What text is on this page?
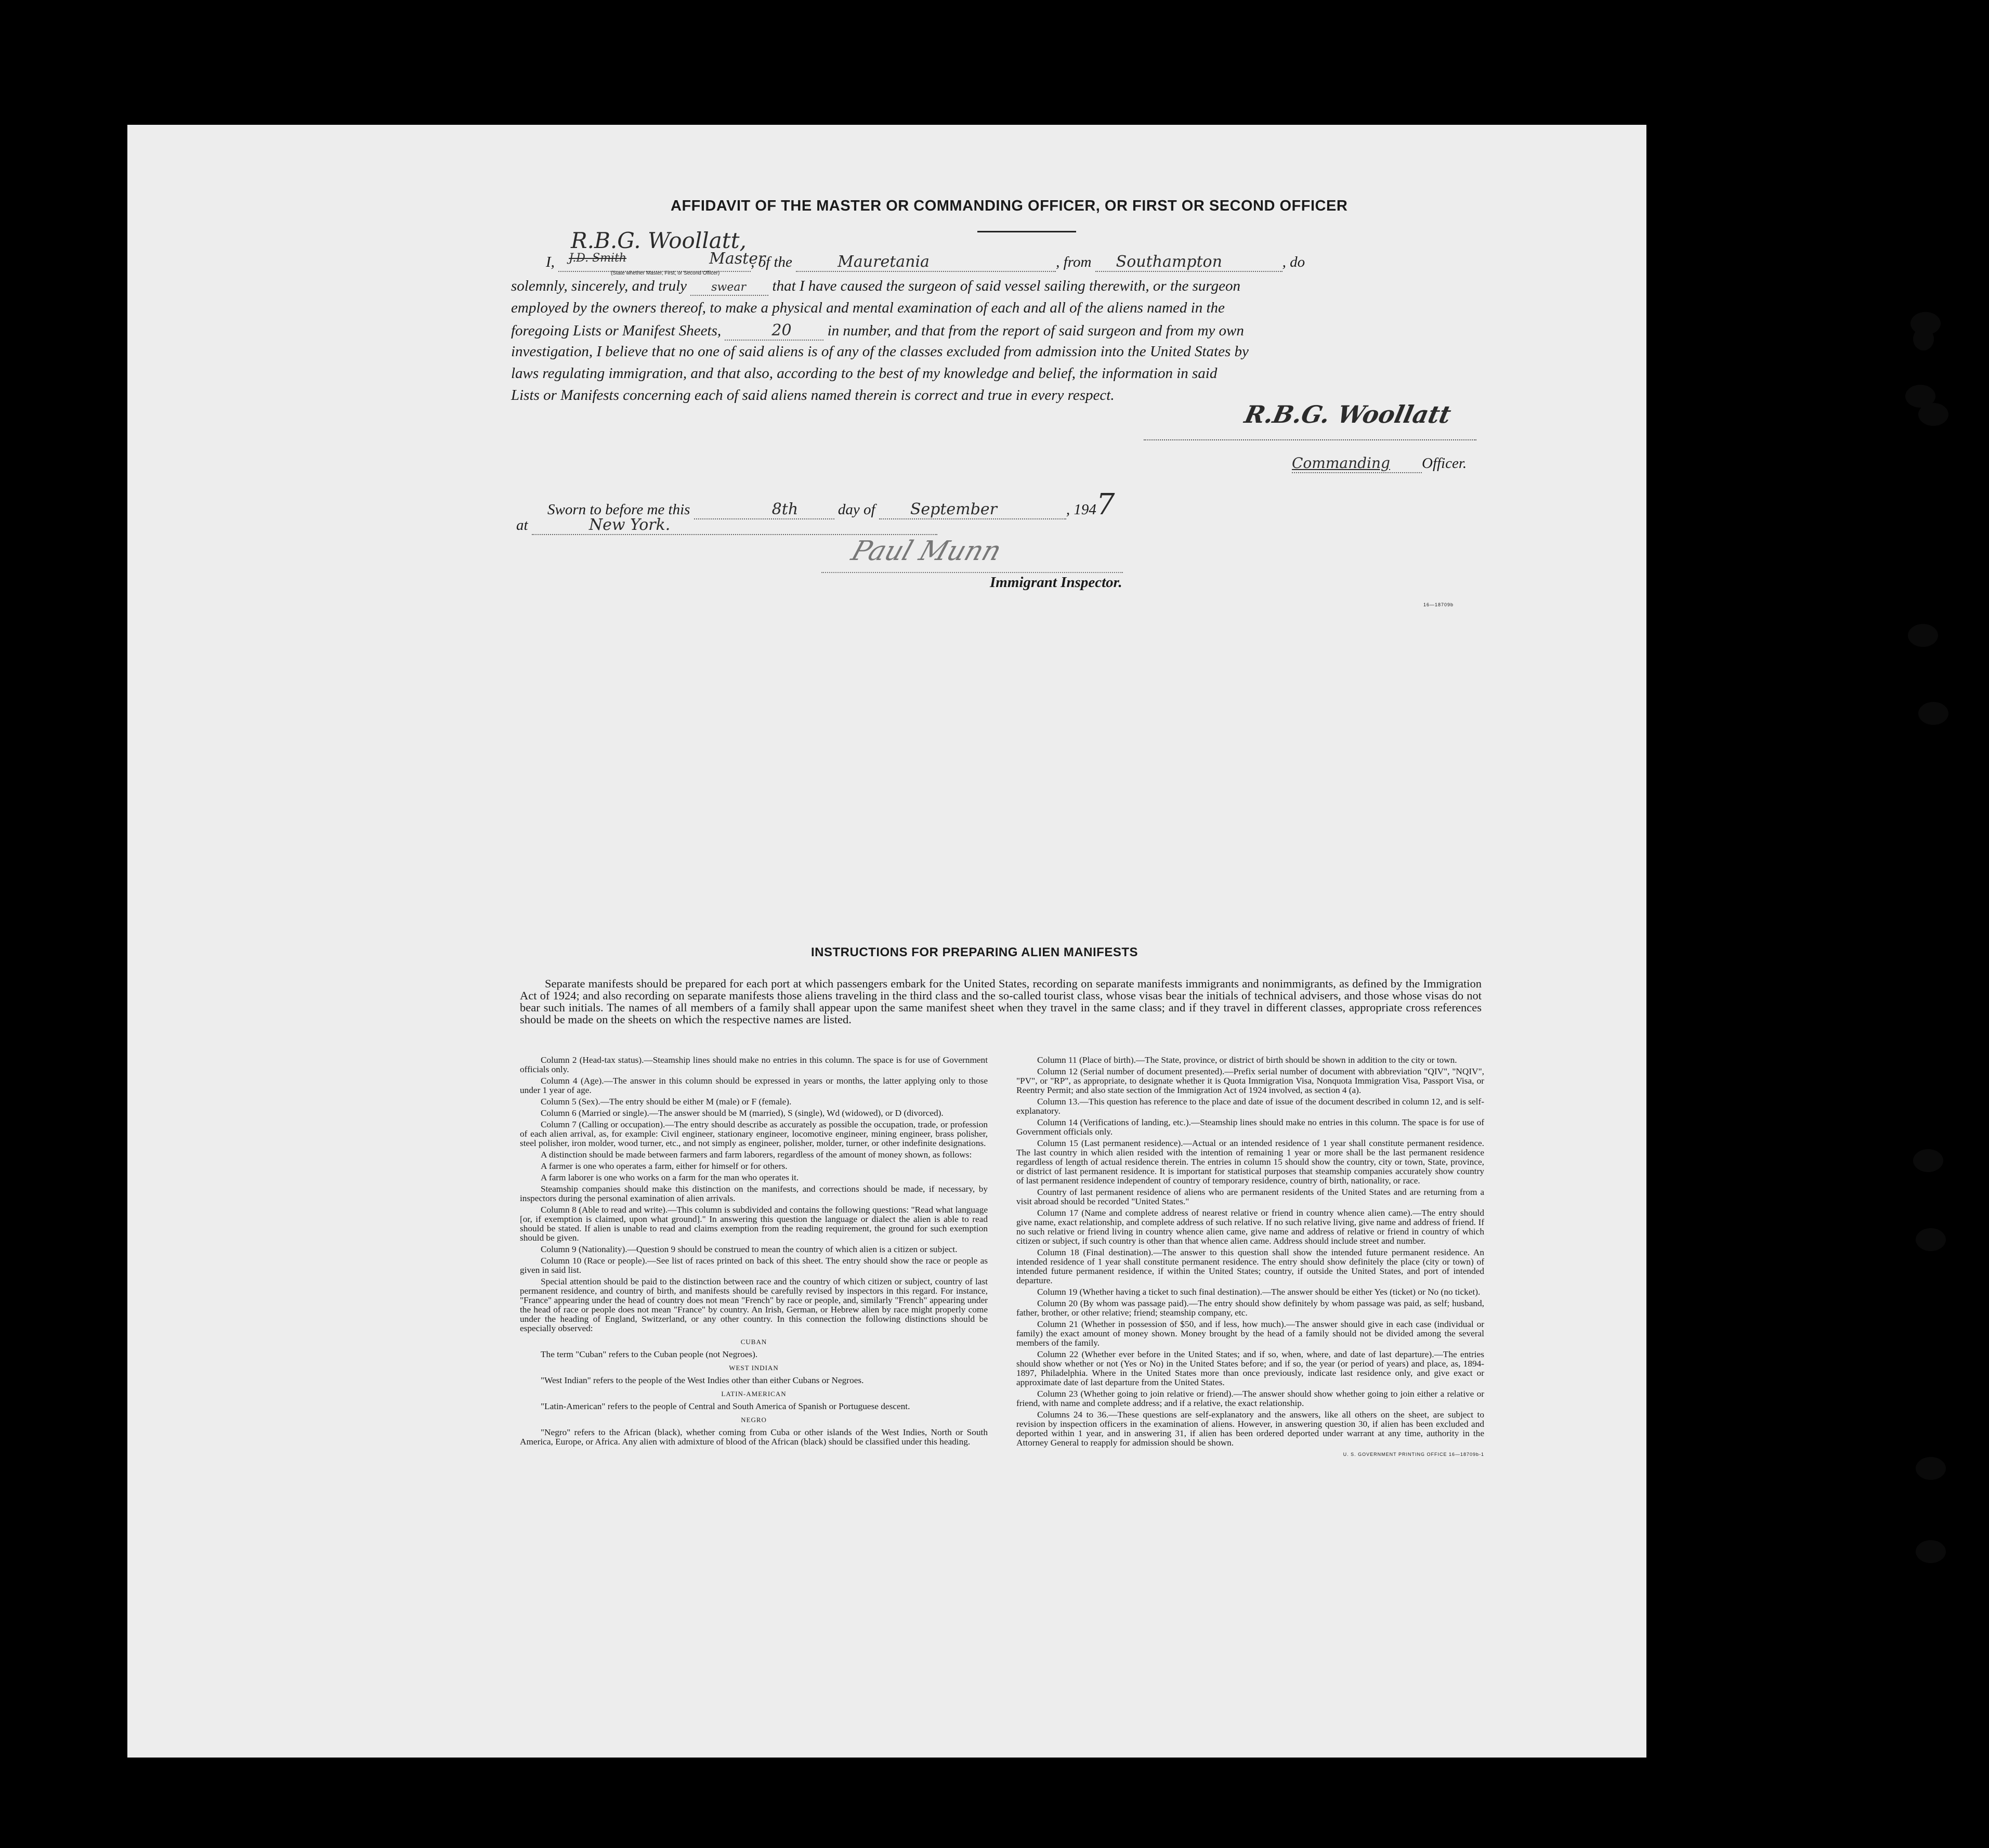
AFFIDAVIT OF THE MASTER OR COMMANDING OFFICER, OR FIRST OR SECOND OFFICER
R.B.G. Woollatt,
I, J.D. Smith	Master
, of the	Mauretania	, from Southampton	, do
(State whether Master, First, or Second Officer)
solemnly, sincerely, and truly swear that I have caused the surgeon of said vessel sailing therewith, or the surgeon
employed by the owners thereof, to make a physical and mental examination of each and all of the aliens named in the
foregoing Lists or Manifest Sheets,	20 in number, and that from the report of said surgeon and from my own
investigation, I believe that no one of said aliens is of any of the classes excluded from admission into the United States by
laws regulating immigration, and that also, according to the best of my knowledge and belief, the information in said
Lists or Manifests concerning each of said aliens named therein is correct and true in every respect.
R.B.G. Woollatt
Commanding Officer.
Sworn to before me this	8th	day of September	, 1947
at	New York.
Paul Munn
Immigrant Inspector.
16—18709b
INSTRUCTIONS FOR PREPARING ALIEN MANIFESTS
Separate manifests should be prepared for each port at which passengers embark for the United States, recording on separate manifests immigrants and nonimmigrants, as defined by the Immigration Act of 1924; and also recording on separate manifests those aliens traveling in the third class and the so-called tourist class, whose visas bear the initials of technical advisers, and those whose visas do not bear such initials. The names of all members of a family shall appear upon the same manifest sheet when they travel in the same class; and if they travel in different classes, appropriate cross references should be made on the sheets on which the respective names are listed.

Column 2 (Head-tax status).—Steamship lines should make no entries in this column. The space is for use of Government officials only.

Column 4 (Age).—The answer in this column should be expressed in years or months, the latter applying only to those under 1 year of age.

Column 5 (Sex).—The entry should be either M (male) or F (female).

Column 6 (Married or single).—The answer should be M (married), S (single), Wd (widowed), or D (divorced).

Column 7 (Calling or occupation).—The entry should describe as accurately as possible the occupation, trade, or profession of each alien arrival, as, for example: Civil engineer, stationary engineer, locomotive engineer, mining engineer, brass polisher, steel polisher, iron molder, wood turner, etc., and not simply as engineer, polisher, molder, turner, or other indefinite designations.

A distinction should be made between farmers and farm laborers, regardless of the amount of money shown, as follows:

A farmer is one who operates a farm, either for himself or for others.

A farm laborer is one who works on a farm for the man who operates it.

Steamship companies should make this distinction on the manifests, and corrections should be made, if necessary, by inspectors during the personal examination of alien arrivals.

Column 8 (Able to read and write).—This column is subdivided and contains the following questions: "Read what language [or, if exemption is claimed, upon what ground]." In answering this question the language or dialect the alien is able to read should be stated. If alien is unable to read and claims exemption from the reading requirement, the ground for such exemption should be given.

Column 9 (Nationality).—Question 9 should be construed to mean the country of which alien is a citizen or subject.

Column 10 (Race or people).—See list of races printed on back of this sheet. The entry should show the race or people as given in said list.

Special attention should be paid to the distinction between race and the country of which citizen or subject, country of last permanent residence, and country of birth, and manifests should be carefully revised by inspectors in this regard. For instance, "France" appearing under the head of country does not mean "French" by race or people, and, similarly "French" appearing under the head of race or people does not mean "France" by country. An Irish, German, or Hebrew alien by race might properly come under the heading of England, Switzerland, or any other country. In this connection the following distinctions should be especially observed:

CUBAN

The term "Cuban" refers to the Cuban people (not Negroes).

WEST INDIAN

"West Indian" refers to the people of the West Indies other than either Cubans or Negroes.

LATIN-AMERICAN

"Latin-American" refers to the people of Central and South America of Spanish or Portuguese descent.

NEGRO

"Negro" refers to the African (black), whether coming from Cuba or other islands of the West Indies, North or South America, Europe, or Africa. Any alien with admixture of blood of the African (black) should be classified under this heading.

Column 11 (Place of birth).—The State, province, or district of birth should be shown in addition to the city or town.

Column 12 (Serial number of document presented).—Prefix serial number of document with abbreviation "QIV", "NQIV", "PV", or "RP", as appropriate, to designate whether it is Quota Immigration Visa, Nonquota Immigration Visa, Passport Visa, or Reentry Permit; and also state section of the Immigration Act of 1924 involved, as section 4 (a).

Column 13.—This question has reference to the place and date of issue of the document described in column 12, and is self-explanatory.

Column 14 (Verifications of landing, etc.).—Steamship lines should make no entries in this column. The space is for use of Government officials only.

Column 15 (Last permanent residence).—Actual or an intended residence of 1 year shall constitute permanent residence. The last country in which alien resided with the intention of remaining 1 year or more shall be the last permanent residence regardless of length of actual residence therein. The entries in column 15 should show the country, city or town, State, province, or district of last permanent residence. It is important for statistical purposes that steamship companies accurately show country of last permanent residence independent of country of temporary residence, country of birth, nationality, or race.

Country of last permanent residence of aliens who are permanent residents of the United States and are returning from a visit abroad should be recorded "United States."

Column 17 (Name and complete address of nearest relative or friend in country whence alien came).—The entry should give name, exact relationship, and complete address of such relative. If no such relative living, give name and address of friend. If no such relative or friend living in country whence alien came, give name and address of relative or friend in country of which citizen or subject, if such country is other than that whence alien came. Address should include street and number.

Column 18 (Final destination).—The answer to this question shall show the intended future permanent residence. An intended residence of 1 year shall constitute permanent residence. The entry should show definitely the place (city or town) of intended future permanent residence, if within the United States; country, if outside the United States, and port of intended departure.

Column 19 (Whether having a ticket to such final destination).—The answer should be either Yes (ticket) or No (no ticket).

Column 20 (By whom was passage paid).—The entry should show definitely by whom passage was paid, as self; husband, father, brother, or other relative; friend; steamship company, etc.

Column 21 (Whether in possession of $50, and if less, how much).—The answer should give in each case (individual or family) the exact amount of money shown. Money brought by the head of a family should not be divided among the several members of the family.

Column 22 (Whether ever before in the United States; and if so, when, where, and date of last departure).—The entries should show whether or not (Yes or No) in the United States before; and if so, the year (or period of years) and place, as, 1894-1897, Philadelphia. Where in the United States more than once previously, indicate last residence only, and give exact or approximate date of last departure from the United States.

Column 23 (Whether going to join relative or friend).—The answer should show whether going to join either a relative or friend, with name and complete address; and if a relative, the exact relationship.

Columns 24 to 36.—These questions are self-explanatory and the answers, like all others on the sheet, are subject to revision by inspection officers in the examination of aliens. However, in answering question 30, if alien has been excluded and deported within 1 year, and in answering 31, if alien has been ordered deported under warrant at any time, authority in the Attorney General to reapply for admission should be shown.

U. S. GOVERNMENT PRINTING OFFICE 16—18709b-1
